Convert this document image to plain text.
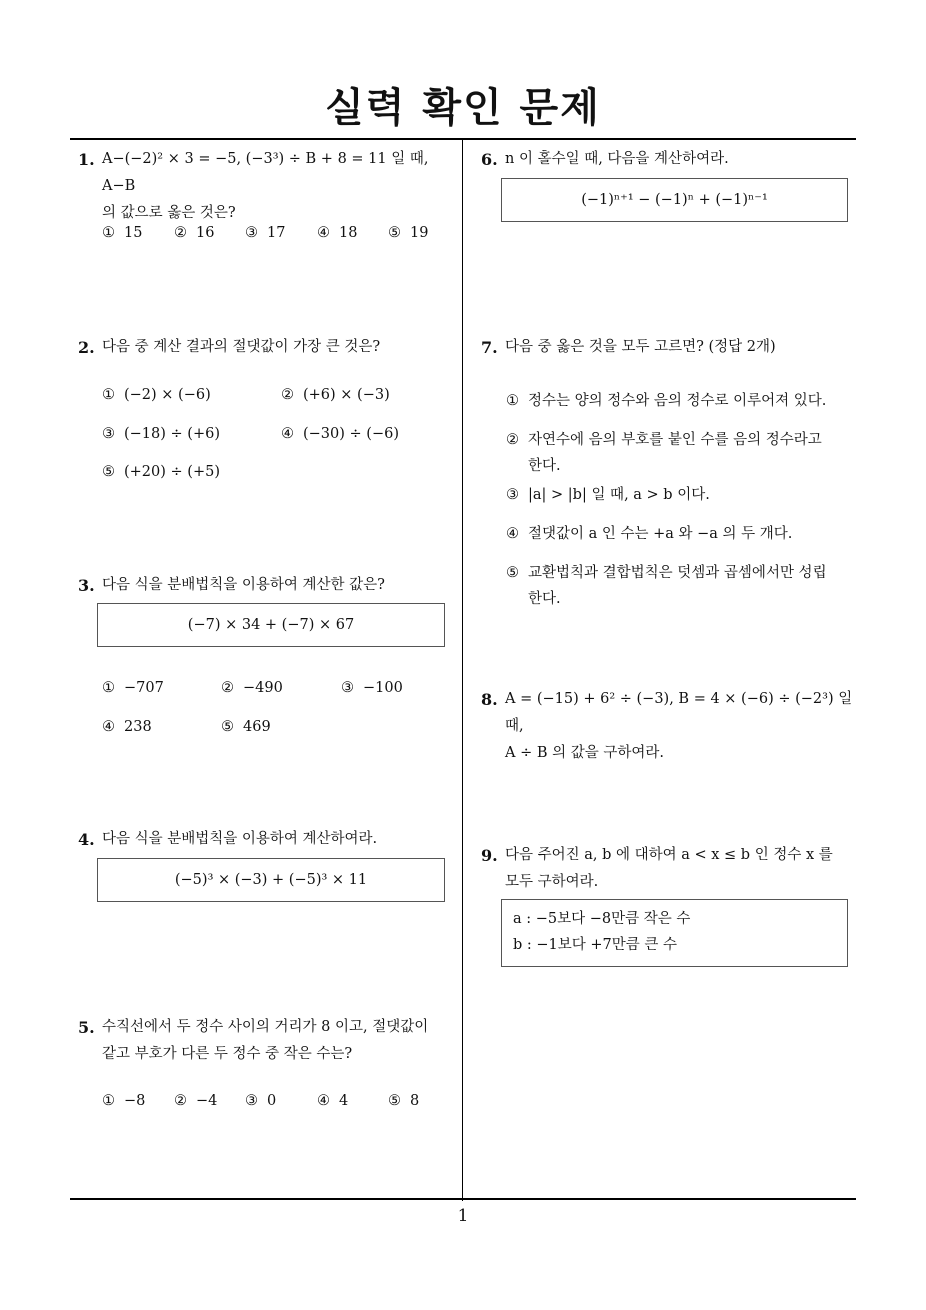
실력 확인 문제
1. A−(−2)² × 3 = −5, (−3³) ÷ B + 8 = 11 일 때, A−B
의 값으로 옳은 것은?
① 15 ② 16 ③ 17 ④ 18 ⑤ 19
2. 다음 중 계산 결과의 절댓값이 가장 큰 것은?
① (−2) × (−6)	② (+6) × (−3)
③ (−18) ÷ (+6)	④ (−30) ÷ (−6)
⑤ (+20) ÷ (+5)
3. 다음 식을 분배법칙을 이용하여 계산한 값은?
(−7) × 34 + (−7) × 67
① −707	② −490	③ −100
④ 238	⑤ 469
4. 다음 식을 분배법칙을 이용하여 계산하여라.
(−5)³ × (−3) + (−5)³ × 11
5. 수직선에서 두 정수 사이의 거리가 8 이고, 절댓값이
같고 부호가 다른 두 정수 중 작은 수는?
① −8 ② −4 ③ 0	④ 4	⑤ 8
6. n 이 홀수일 때, 다음을 계산하여라.
(−1)ⁿ⁺¹ − (−1)ⁿ + (−1)ⁿ⁻¹
7. 다음 중 옳은 것을 모두 고르면? (정답 2개)
① 정수는 양의 정수와 음의 정수로 이루어져 있다.
② 자연수에 음의 부호를 붙인 수를 음의 정수라고
한다.
③ |a| > |b| 일 때, a > b 이다.
④ 절댓값이 a 인 수는 +a 와 −a 의 두 개다.
⑤ 교환법칙과 결합법칙은 덧셈과 곱셈에서만 성립
한다.
8. A = (−15) + 6² ÷ (−3), B = 4 × (−6) ÷ (−2³) 일 때,
A ÷ B 의 값을 구하여라.
9. 다음 주어진 a, b 에 대하여 a < x ≤ b 인 정수 x 를
모두 구하여라.
a : −5보다 −8만큼 작은 수
b : −1보다 +7만큼 큰 수
1
